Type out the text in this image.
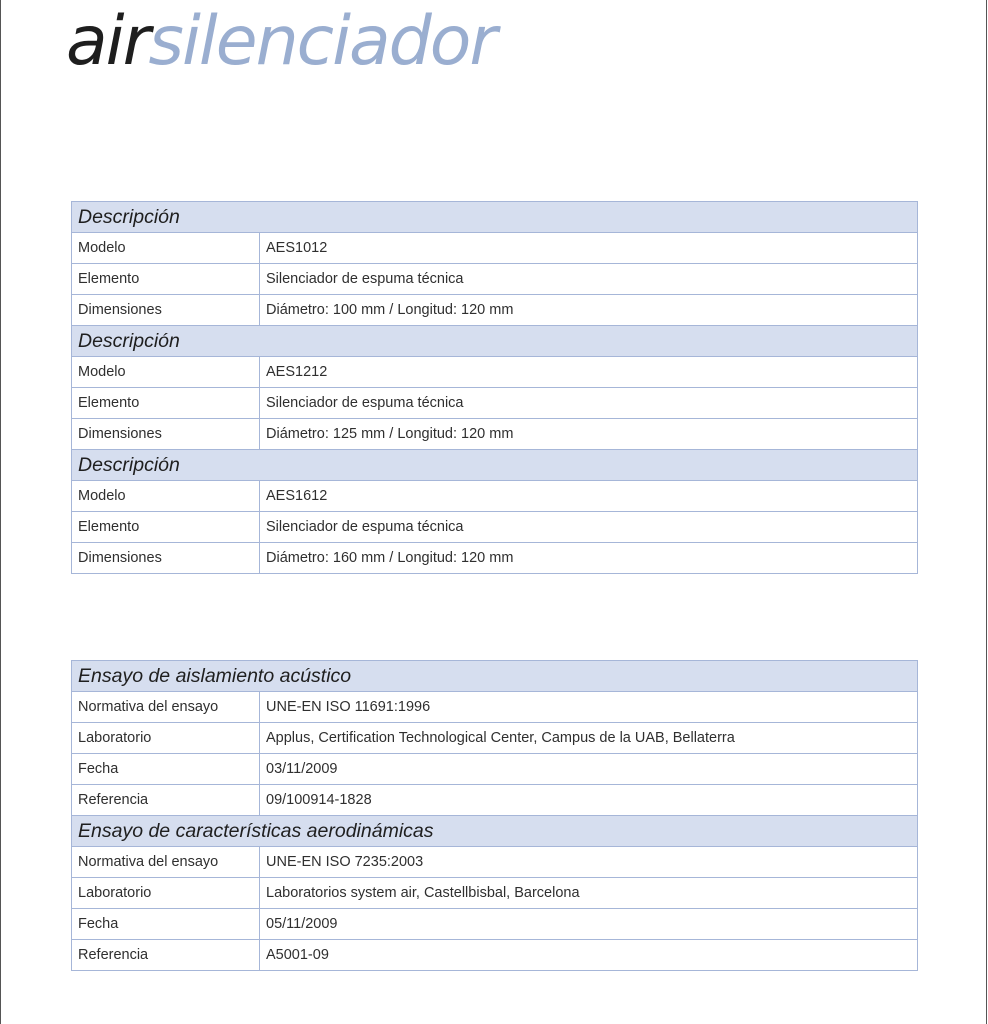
airsilenciador
Descripción	
Modelo	AES1012
Elemento	Silenciador de espuma técnica
Dimensiones	Diámetro: 100 mm / Longitud: 120 mm
Descripción	
Modelo	AES1212
Elemento	Silenciador de espuma técnica
Dimensiones	Diámetro: 125 mm / Longitud: 120 mm
Descripción	
Modelo	AES1612
Elemento	Silenciador de espuma técnica
Dimensiones	Diámetro: 160 mm / Longitud: 120 mm
Ensayo de aislamiento acústico	
Normativa del ensayo	UNE-EN ISO 11691:1996
Laboratorio	Applus, Certification Technological Center, Campus de la UAB, Bellaterra
Fecha	03/11/2009
Referencia	09/100914-1828
Ensayo de características aerodinámicas	
Normativa del ensayo	UNE-EN ISO 7235:2003
Laboratorio	Laboratorios system air, Castellbisbal, Barcelona
Fecha	05/11/2009
Referencia	A5001-09
